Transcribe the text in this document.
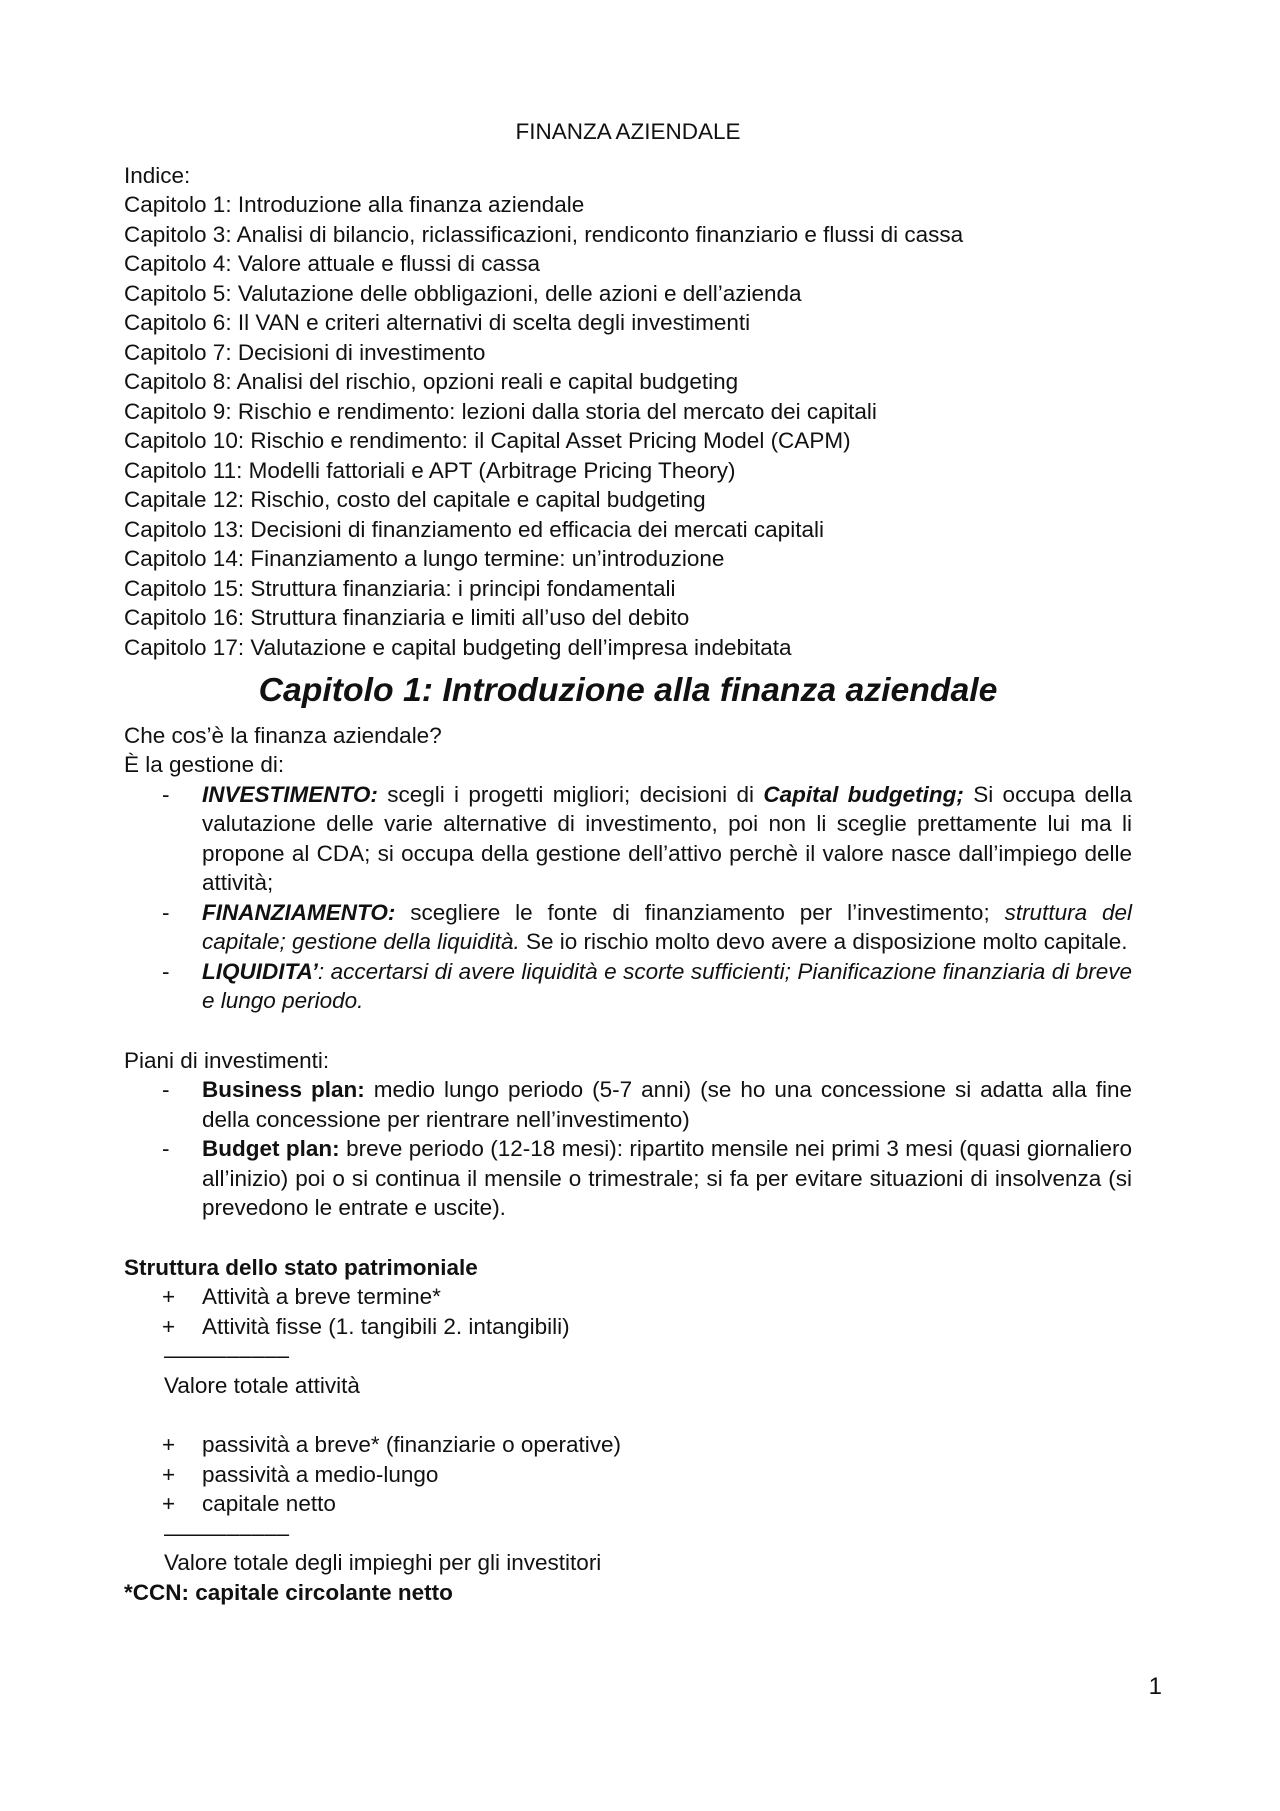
FINANZA AZIENDALE

Indice:

Capitolo 1: Introduzione alla finanza aziendale

Capitolo 3: Analisi di bilancio, riclassificazioni, rendiconto finanziario e flussi di cassa

Capitolo 4: Valore attuale e flussi di cassa

Capitolo 5: Valutazione delle obbligazioni, delle azioni e dell’azienda

Capitolo 6: Il VAN e criteri alternativi di scelta degli investimenti

Capitolo 7: Decisioni di investimento

Capitolo 8: Analisi del rischio, opzioni reali e capital budgeting

Capitolo 9: Rischio e rendimento: lezioni dalla storia del mercato dei capitali

Capitolo 10: Rischio e rendimento: il Capital Asset Pricing Model (CAPM)

Capitolo 11: Modelli fattoriali e APT (Arbitrage Pricing Theory)

Capitale 12: Rischio, costo del capitale e capital budgeting

Capitolo 13: Decisioni di finanziamento ed efficacia dei mercati capitali

Capitolo 14: Finanziamento a lungo termine: un’introduzione

Capitolo 15: Struttura finanziaria: i principi fondamentali

Capitolo 16: Struttura finanziaria e limiti all’uso del debito

Capitolo 17: Valutazione e capital budgeting dell’impresa indebitata

Capitolo 1: Introduzione alla finanza aziendale

Che cos’è la finanza aziendale?

È la gestione di:

- INVESTIMENTO: scegli i progetti migliori; decisioni di Capital budgeting; Si occupa della valutazione delle varie alternative di investimento, poi non li sceglie prettamente lui ma li propone al CDA; si occupa della gestione dell’attivo perchè il valore nasce dall’impiego delle attività;
- FINANZIAMENTO: scegliere le fonte di finanziamento per l’investimento; struttura del capitale; gestione della liquidità. Se io rischio molto devo avere a disposizione molto capitale.
- LIQUIDITA’: accertarsi di avere liquidità e scorte sufficienti; Pianificazione finanziaria di breve e lungo periodo.

Piani di investimenti:

- Business plan: medio lungo periodo (5-7 anni) (se ho una concessione si adatta alla fine della concessione per rientrare nell’investimento)
- Budget plan: breve periodo (12-18 mesi): ripartito mensile nei primi 3 mesi (quasi giornaliero all’inizio) poi o si continua il mensile o trimestrale; si fa per evitare situazioni di insolvenza (si prevedono le entrate e uscite).

Struttura dello stato patrimoniale

+ Attività a breve termine*
+ Attività fisse (1. tangibili 2. intangibili)

––––––––––

Valore totale attività

+ passività a breve* (finanziarie o operative)
+ passività a medio-lungo
+ capitale netto

––––––––––

Valore totale degli impieghi per gli investitori

*CCN: capitale circolante netto

1
